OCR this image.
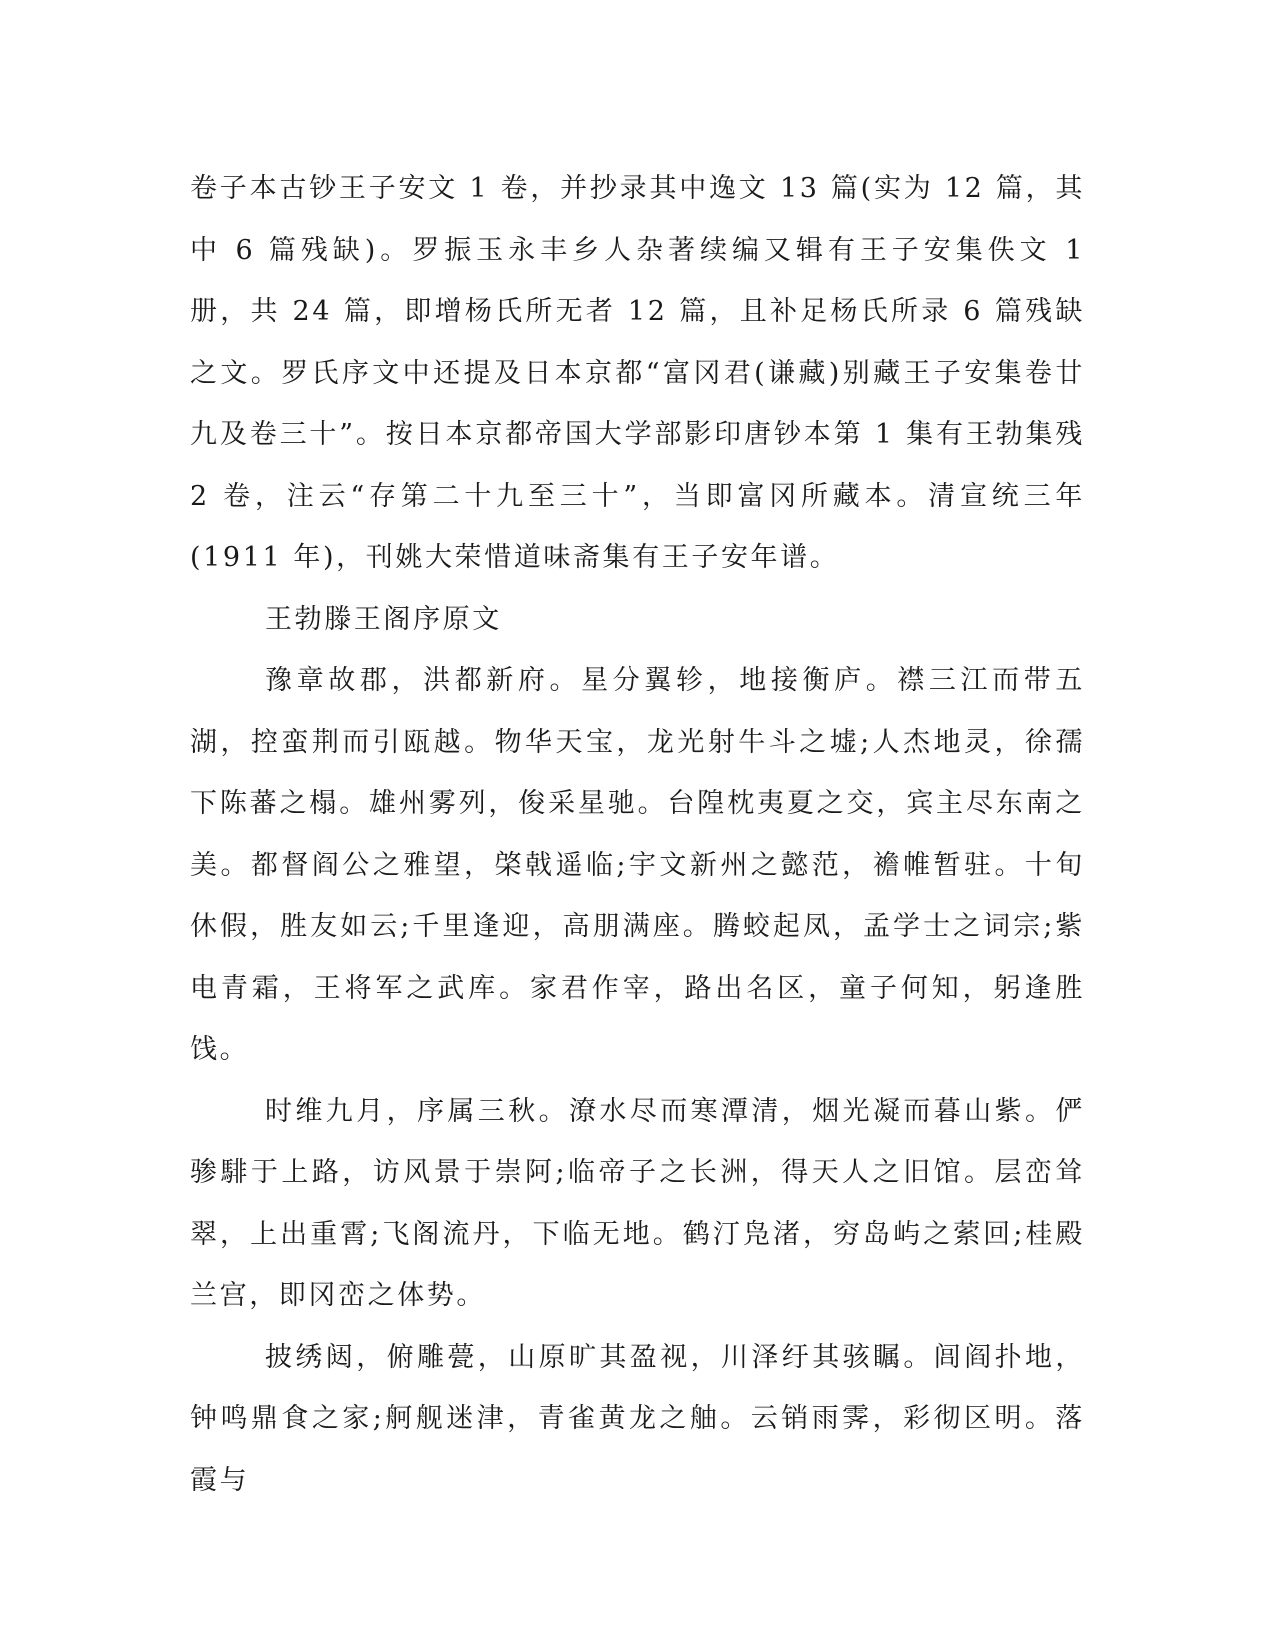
卷子本古钞王子安文 1 卷，并抄录其中逸文 13 篇(实为 12 篇，其中 6 篇残缺)。罗振玉永丰乡人杂著续编又辑有王子安集佚文 1 册，共 24 篇，即增杨氏所无者 12 篇，且补足杨氏所录 6 篇残缺之文。罗氏序文中还提及日本京都“富冈君(谦藏)别藏王子安集卷廿九及卷三十”。按日本京都帝国大学部影印唐钞本第 1 集有王勃集残 2 卷，注云“存第二十九至三十”，当即富冈所藏本。清宣统三年(1911 年)，刊姚大荣惜道味斋集有王子安年谱。

王勃滕王阁序原文

豫章故郡，洪都新府。星分翼轸，地接衡庐。襟三江而带五湖，控蛮荆而引瓯越。物华天宝，龙光射牛斗之墟;人杰地灵，徐孺下陈蕃之榻。雄州雾列，俊采星驰。台隍枕夷夏之交，宾主尽东南之美。都督阎公之雅望，棨戟遥临;宇文新州之懿范，襜帷暂驻。十旬休假，胜友如云;千里逢迎，高朋满座。腾蛟起凤，孟学士之词宗;紫电青霜，王将军之武库。家君作宰，路出名区，童子何知，躬逢胜饯。

时维九月，序属三秋。潦水尽而寒潭清，烟光凝而暮山紫。俨骖騑于上路，访风景于崇阿;临帝子之长洲，得天人之旧馆。层峦耸翠，上出重霄;飞阁流丹，下临无地。鹤汀凫渚，穷岛屿之萦回;桂殿兰宫，即冈峦之体势。

披绣闼，俯雕甍，山原旷其盈视，川泽纡其骇瞩。闾阎扑地，钟鸣鼎食之家;舸舰迷津，青雀黄龙之舳。云销雨霁，彩彻区明。落霞与
